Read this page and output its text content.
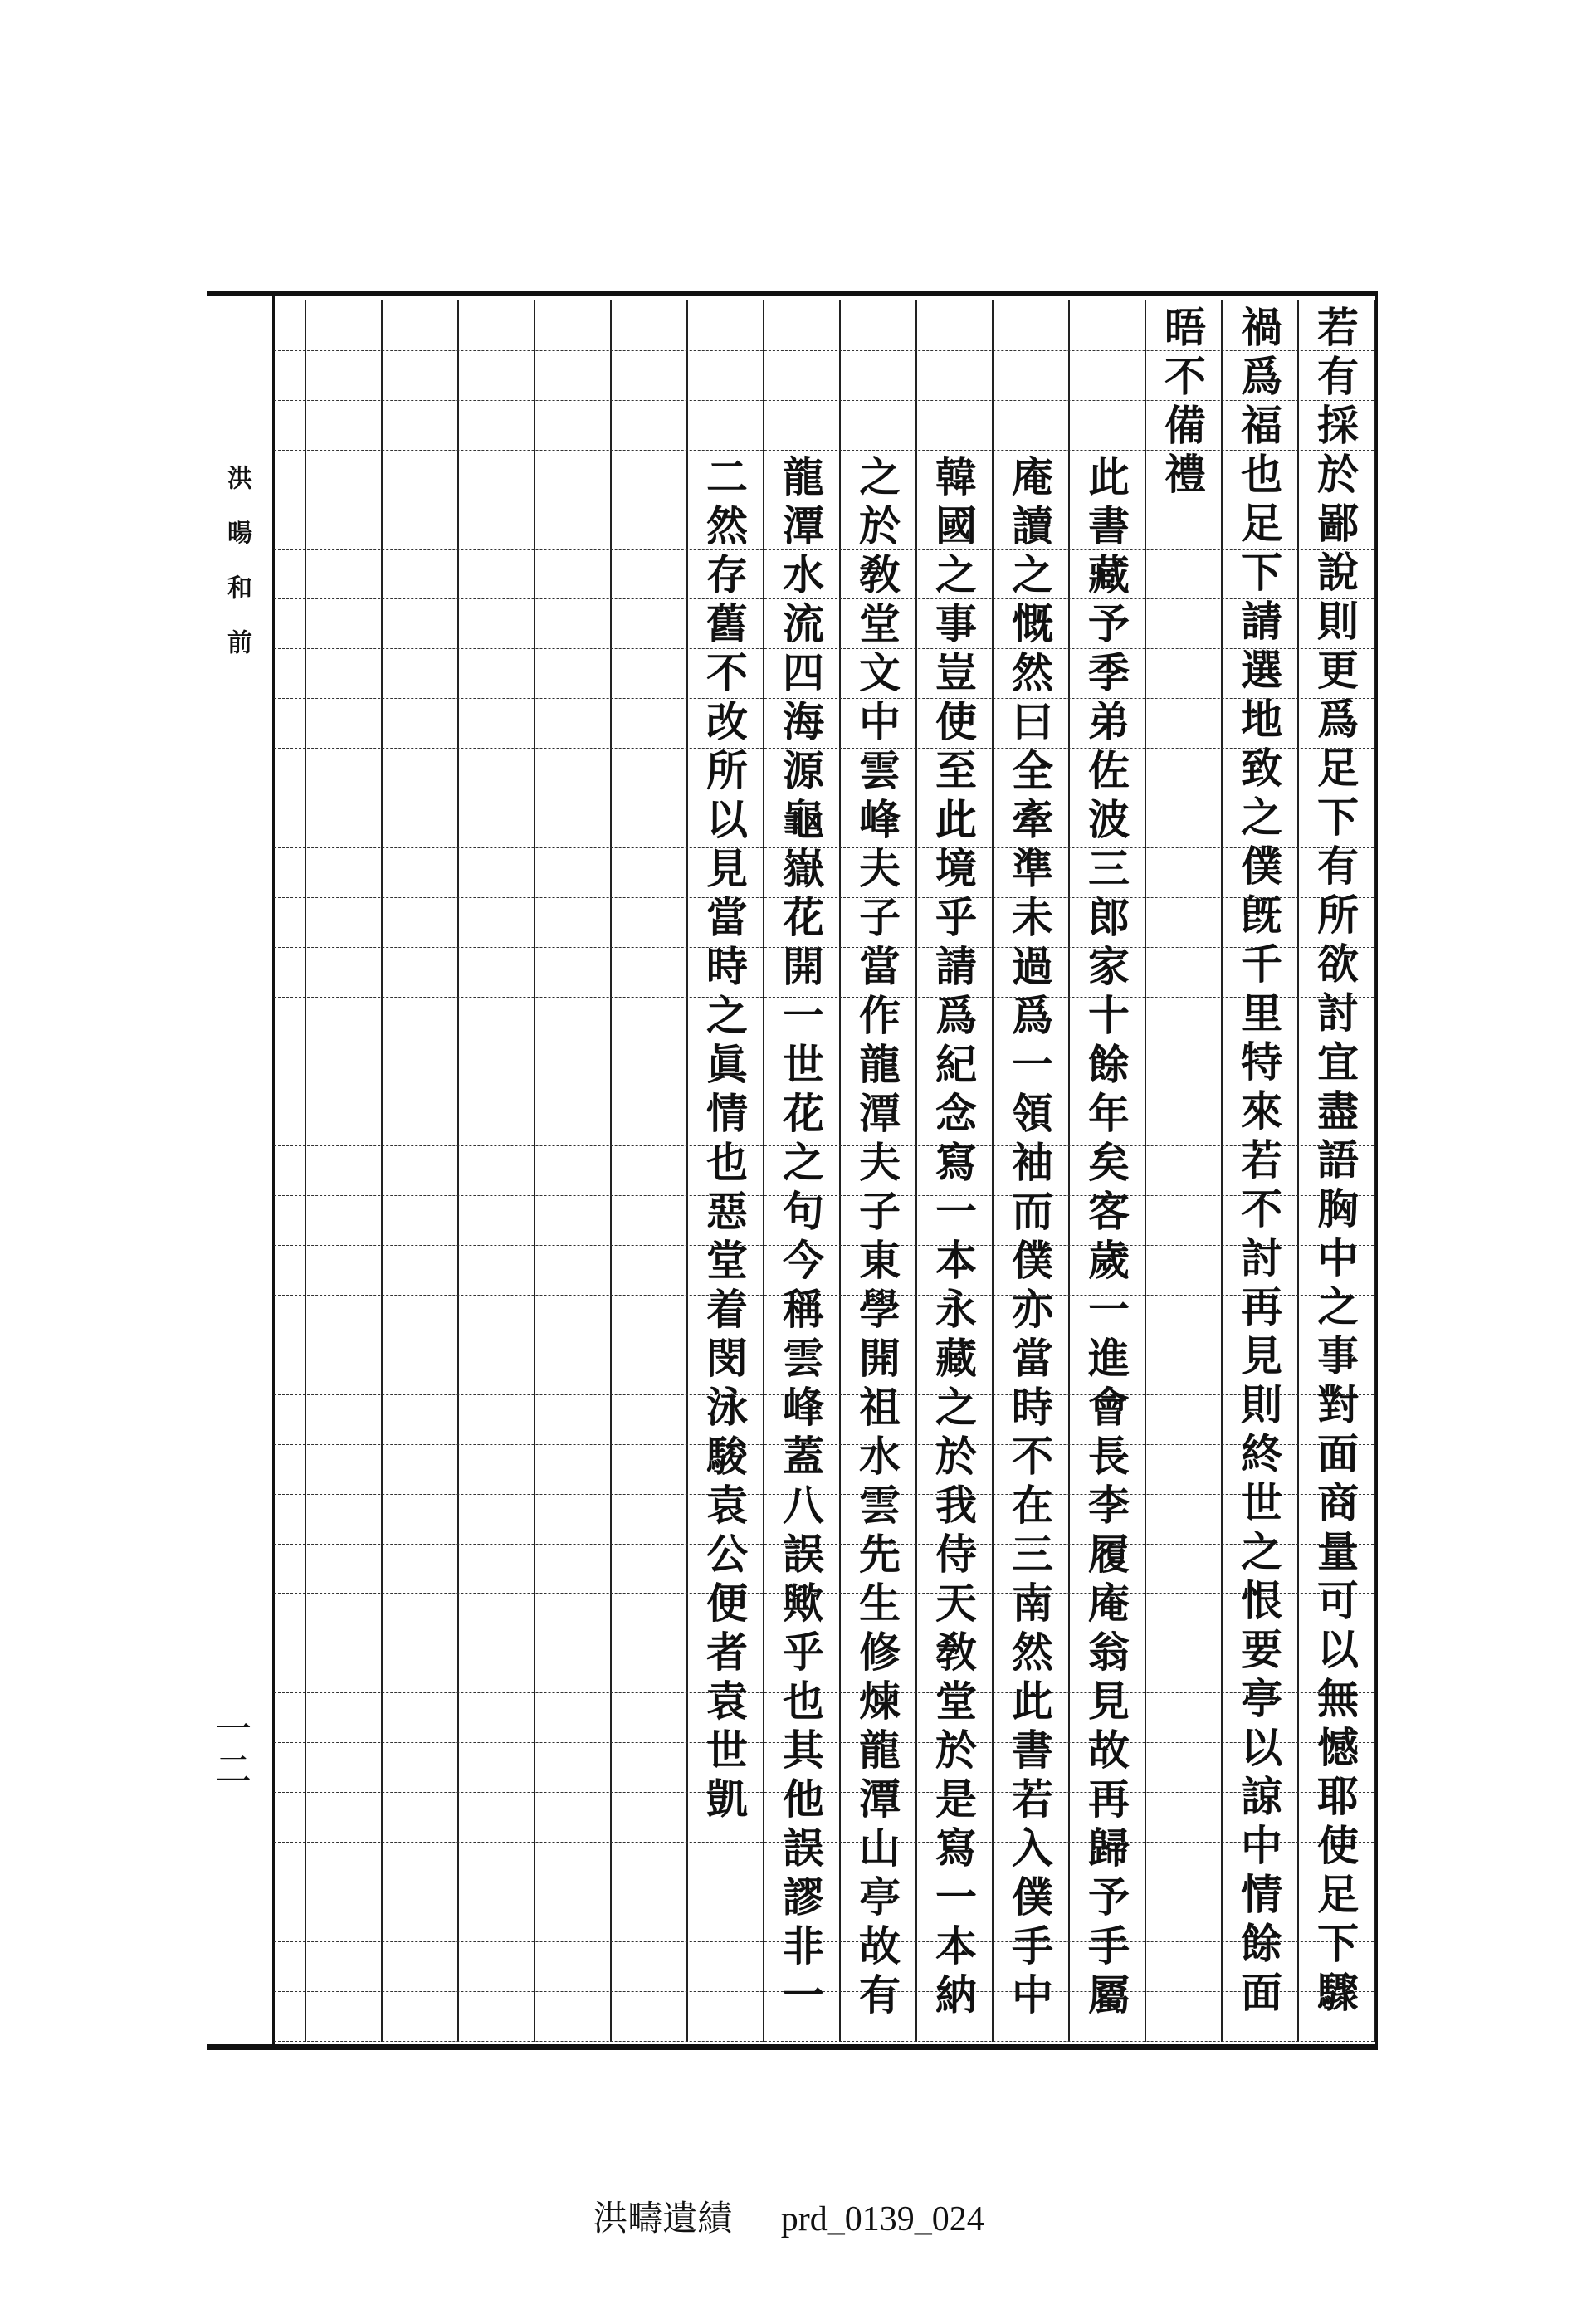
洪暘和前
一二	若有採於鄙說則更爲足下有所欲討宜盡語胸中之事對面商量可以無憾耶使足下驟
禍爲福也足下請選地致之僕旣千里特來若不討再見則終世之恨要亭以諒中情餘面
晤不備禮
此書藏予季弟佐波三郎家十餘年矣客歲一進會長李履庵翁見故再歸予手屬
庵讀之慨然曰全牽準未過爲一領袖而僕亦當時不在三南然此書若入僕手中
韓國之事豈使至此境乎請爲紀念寫一本永藏之於我侍天敎堂於是寫一本納
之於敎堂文中雲峰夫子當作龍潭夫子東學開祖水雲先生修煉龍潭山亭故有
龍潭水流四海源龜嶽花開一世花之句今稱雲峰蓋八誤歟乎也其他誤謬非一
二然存舊不改所以見當時之眞情也惡堂着閔泳駿袁公便者袁世凱
洪疇遺績 prd_0139_024
